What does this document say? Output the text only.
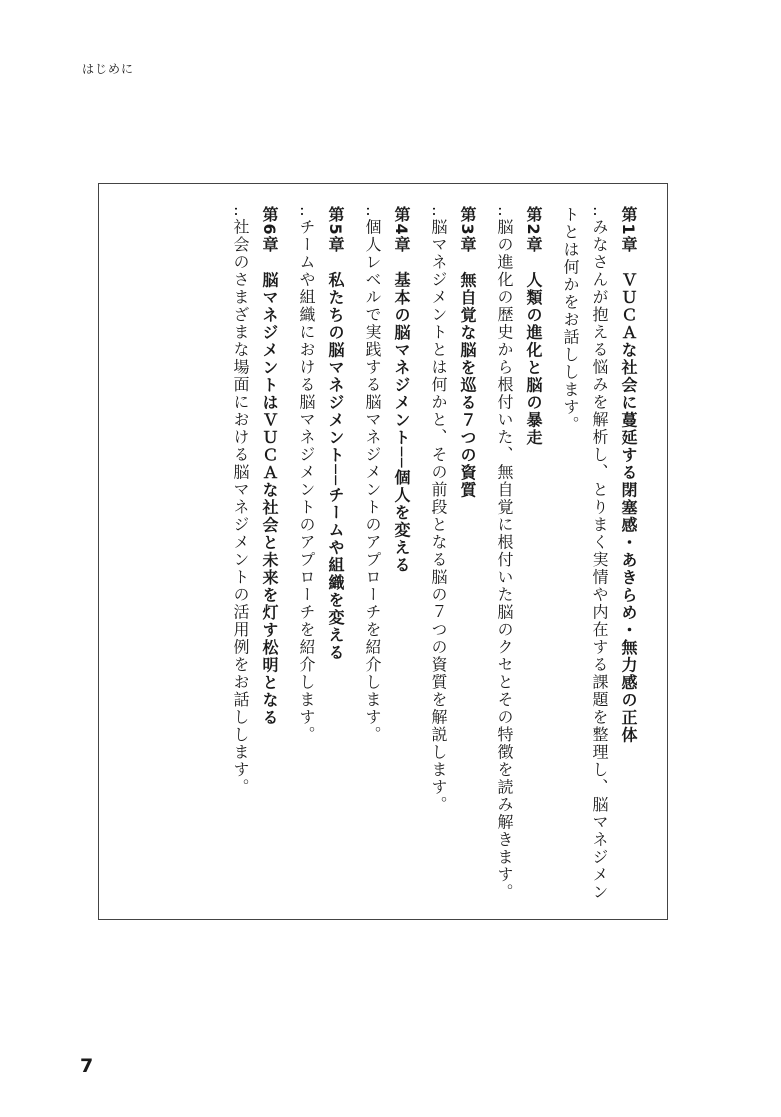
はじめに

第1章ＶＵＣＡな社会に蔓延する閉塞感・あきらめ・無力感の正体

‥みなさんが抱える悩みを解析し、とりまく実情や内在する課題を整理し、脳マネジメントとは何かをお話しします。

第2章人類の進化と脳の暴走

‥脳の進化の歴史から根付いた、無自覚に根付いた脳のクセとその特徴を読み解きます。

第3章無自覚な脳を巡る７つの資質

‥脳マネジメントとは何かと、その前段となる脳の７つの資質を解説します。

第4章基本の脳マネジメント──個人を変える

‥個人レベルで実践する脳マネジメントのアプローチを紹介します。

第5章私たちの脳マネジメント──チームや組織を変える

‥チームや組織における脳マネジメントのアプローチを紹介します。

第6章脳マネジメントはＶＵＣＡな社会と未来を灯す松明となる

‥社会のさまざまな場面における脳マネジメントの活用例をお話しします。

7
